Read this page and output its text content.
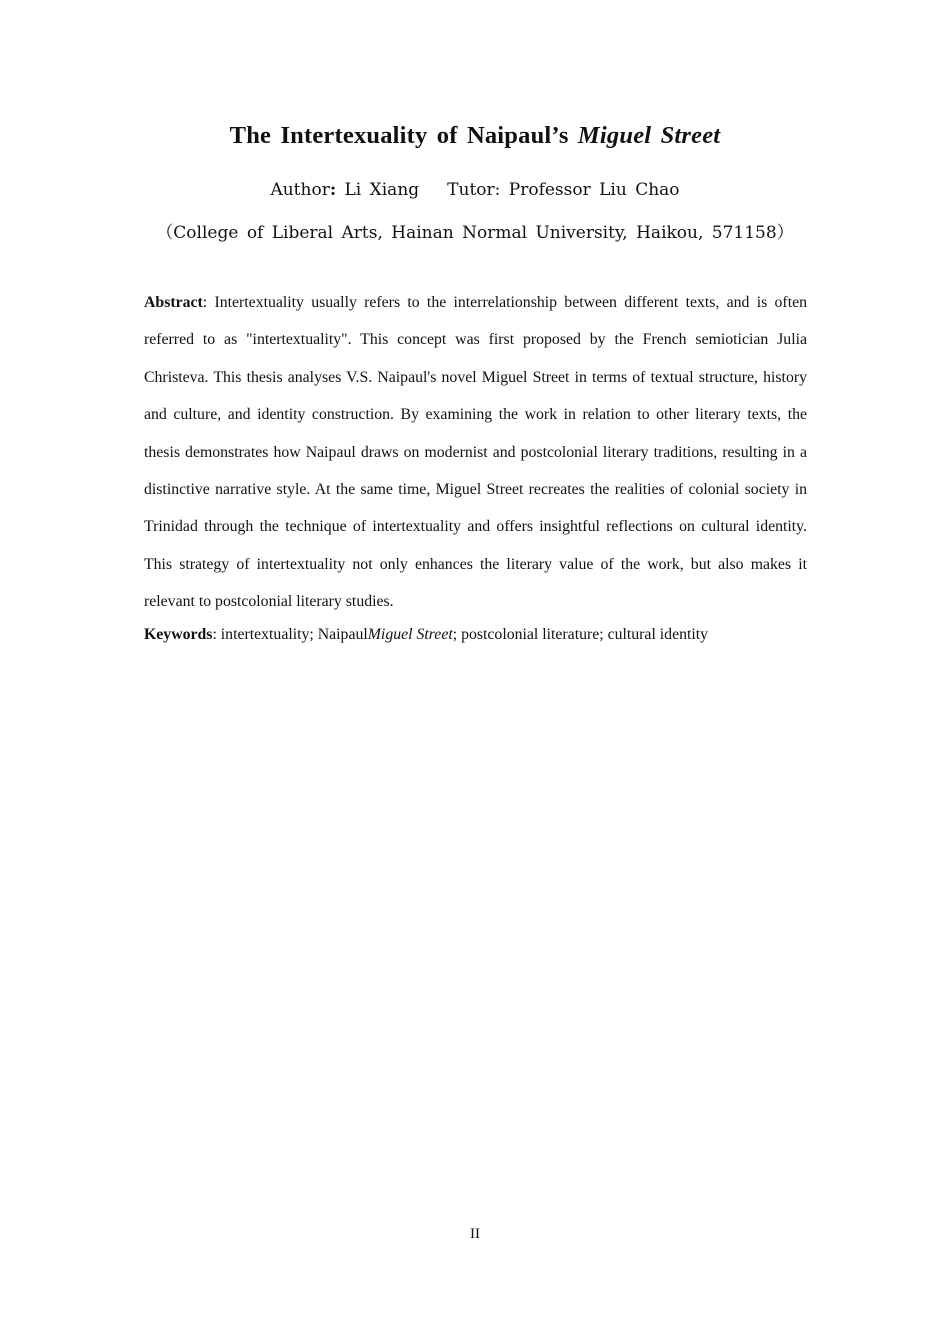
The Intertexuality of Naipaul’s Miguel Street
Author: Li Xiang Tutor: Professor Liu Chao
（College of Liberal Arts, Hainan Normal University, Haikou, 571158）

Abstract: Intertextuality usually refers to the interrelationship between different texts, and is often referred to as "intertextuality". This concept was first proposed by the French semiotician Julia Christeva. This thesis analyses V.S. Naipaul's novel Miguel Street in terms of textual structure, history and culture, and identity construction. By examining the work in relation to other literary texts, the thesis demonstrates how Naipaul draws on modernist and postcolonial literary traditions, resulting in a distinctive narrative style. At the same time, Miguel Street recreates the realities of colonial society in Trinidad through the technique of intertextuality and offers insightful reflections on cultural identity. This strategy of intertextuality not only enhances the literary value of the work, but also makes it relevant to postcolonial literary studies.

Keywords: intertextuality; NaipaulMiguel Street; postcolonial literature; cultural identity
II
